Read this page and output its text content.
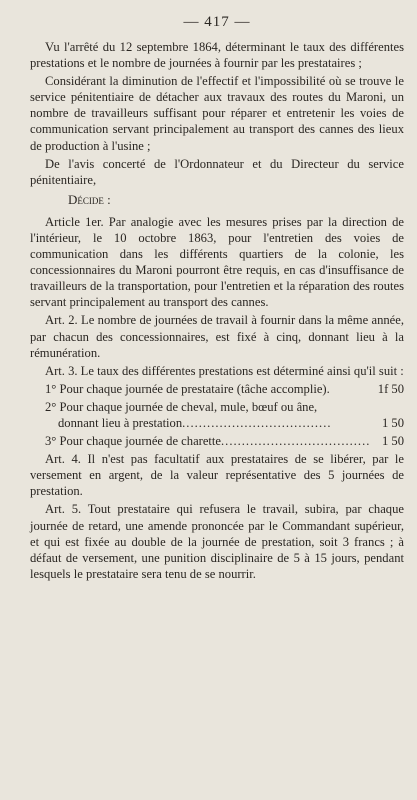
— 417 —

Vu l'arrêté du 12 septembre 1864, déterminant le taux des différentes prestations et le nombre de journées à fournir par les prestataires ;

Considérant la diminution de l'effectif et l'impossibilité où se trouve le service pénitentiaire de détacher aux travaux des routes du Maroni, un nombre de travailleurs suffisant pour réparer et entretenir les voies de communication servant principalement au transport des cannes des lieux de production à l'usine ;

De l'avis concerté de l'Ordonnateur et du Directeur du service pénitentiaire,

Décide :

Article 1er. Par analogie avec les mesures prises par la direction de l'intérieur, le 10 octobre 1863, pour l'entretien des voies de communication dans les différents quartiers de la colonie, les concessionnaires du Maroni pourront être requis, en cas d'insuffisance de travailleurs de la transportation, pour l'entretien et la réparation des routes servant principalement au transport des cannes.

Art. 2. Le nombre de journées de travail à fournir dans la même année, par chacun des concessionnaires, est fixé à cinq, donnant lieu à la rémunération.

Art. 3. Le taux des différentes prestations est déterminé ainsi qu'il suit :

1° Pour chaque journée de prestataire (tâche accomplie) .	1f 50
2° Pour chaque journée de cheval, mule, bœuf ou âne,
donnant lieu à prestation ....................................	1 50
3° Pour chaque journée de charette .................................... 1 50

Art. 4. Il n'est pas facultatif aux prestataires de se libérer, par le versement en argent, de la valeur représentative des 5 journées de prestation.

Art. 5. Tout prestataire qui refusera le travail, subira, par chaque journée de retard, une amende prononcée par le Commandant supérieur, et qui est fixée au double de la journée de prestation, soit 3 francs ; à défaut de versement, une punition disciplinaire de 5 à 15 jours, pendant lesquels le prestataire sera tenu de se nourrir.
